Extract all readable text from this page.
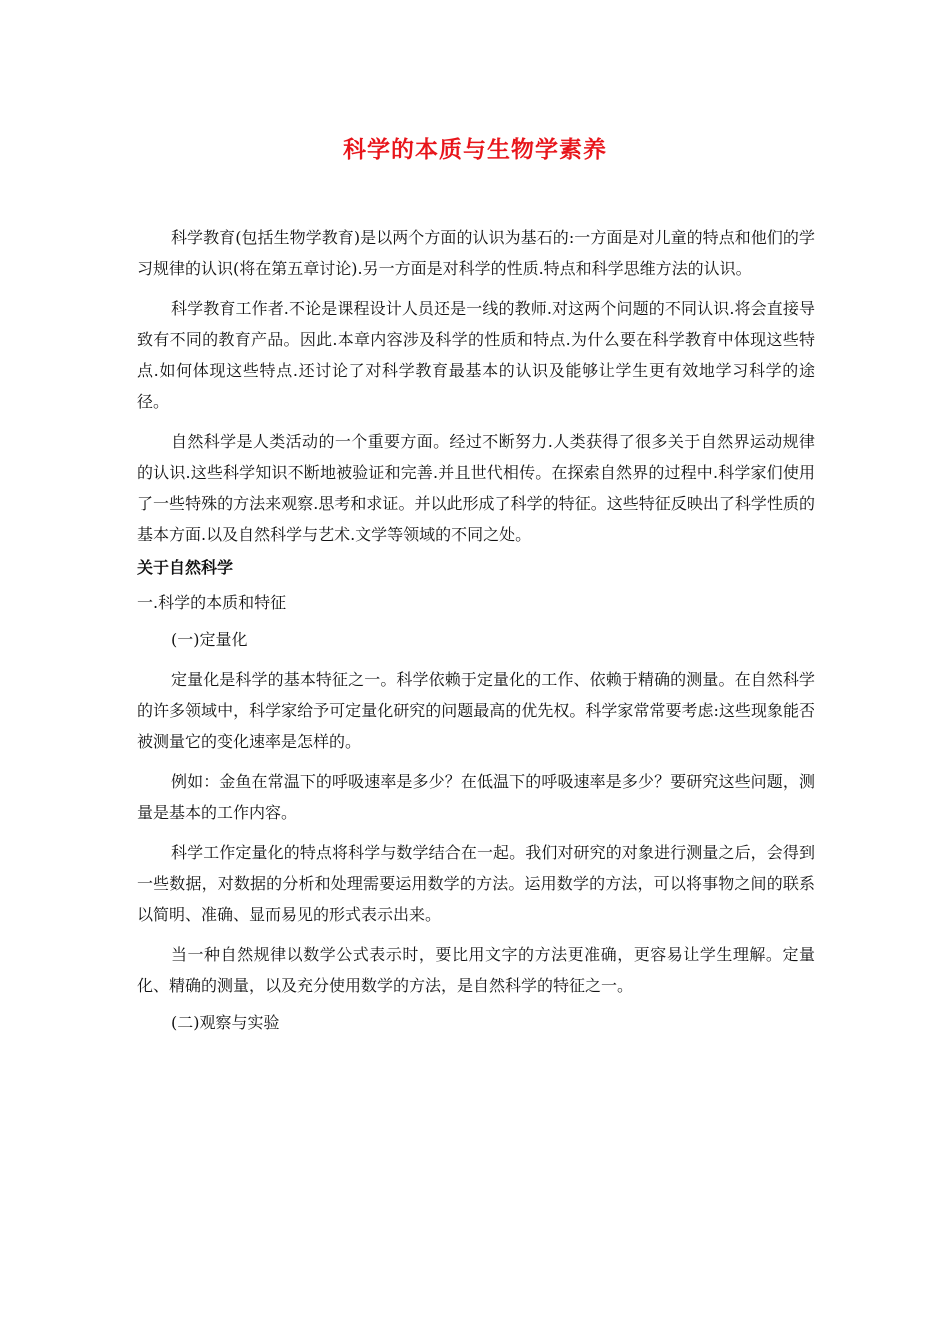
科学的本质与生物学素养

科学教育(包括生物学教育)是以两个方面的认识为基石的:一方面是对儿童的特点和他们的学习规律的认识(将在第五章讨论).另一方面是对科学的性质.特点和科学思维方法的认识。

科学教育工作者.不论是课程设计人员还是一线的教师.对这两个问题的不同认识.将会直接导致有不同的教育产品。因此.本章内容涉及科学的性质和特点.为什么要在科学教育中体现这些特点.如何体现这些特点.还讨论了对科学教育最基本的认识及能够让学生更有效地学习科学的途径。

自然科学是人类活动的一个重要方面。经过不断努力.人类获得了很多关于自然界运动规律的认识.这些科学知识不断地被验证和完善.并且世代相传。在探索自然界的过程中.科学家们使用了一些特殊的方法来观察.思考和求证。并以此形成了科学的特征。这些特征反映出了科学性质的基本方面.以及自然科学与艺术.文学等领域的不同之处。

关于自然科学

一.科学的本质和特征

(一)定量化

定量化是科学的基本特征之一。科学依赖于定量化的工作、依赖于精确的测量。在自然科学的许多领域中，科学家给予可定量化研究的问题最高的优先权。科学家常常要考虑:这些现象能否被测量它的变化速率是怎样的。

例如：金鱼在常温下的呼吸速率是多少？在低温下的呼吸速率是多少？要研究这些问题，测量是基本的工作内容。

科学工作定量化的特点将科学与数学结合在一起。我们对研究的对象进行测量之后，会得到一些数据，对数据的分析和处理需要运用数学的方法。运用数学的方法，可以将事物之间的联系以简明、准确、显而易见的形式表示出来。

当一种自然规律以数学公式表示时，要比用文字的方法更准确，更容易让学生理解。定量化、精确的测量，以及充分使用数学的方法，是自然科学的特征之一。

(二)观察与实验
